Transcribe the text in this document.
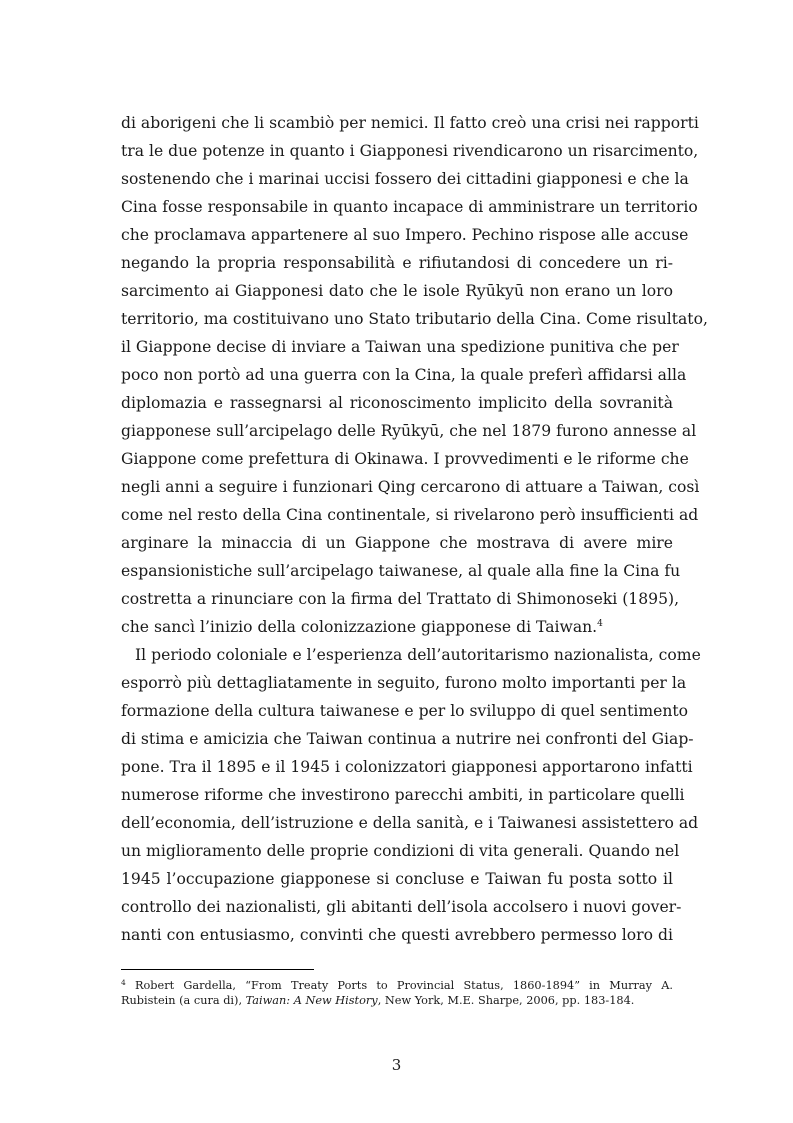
di aborigeni che li scambiò per nemici. Il fatto creò una crisi nei rapporti
tra le due potenze in quanto i Giapponesi rivendicarono un risarcimento,
sostenendo che i marinai uccisi fossero dei cittadini giapponesi e che la
Cina fosse responsabile in quanto incapace di amministrare un territorio
che proclamava appartenere al suo Impero. Pechino rispose alle accuse
negando la propria responsabilità e rifiutandosi di concedere un ri-
sarcimento ai Giapponesi dato che le isole Ryūkyū non erano un loro
territorio, ma costituivano uno Stato tributario della Cina. Come risultato,
il Giappone decise di inviare a Taiwan una spedizione punitiva che per
poco non portò ad una guerra con la Cina, la quale preferì affidarsi alla
diplomazia e rassegnarsi al riconoscimento implicito della sovranità
giapponese sull’arcipelago delle Ryūkyū, che nel 1879 furono annesse al
Giappone come prefettura di Okinawa. I provvedimenti e le riforme che
negli anni a seguire i funzionari Qing cercarono di attuare a Taiwan, così
come nel resto della Cina continentale, si rivelarono però insufficienti ad
arginare la minaccia di un Giappone che mostrava di avere mire
espansionistiche sull’arcipelago taiwanese, al quale alla fine la Cina fu
costretta a rinunciare con la firma del Trattato di Shimonoseki (1895),
che sancì l’inizio della colonizzazione giapponese di Taiwan.$^4$
Il periodo coloniale e l’esperienza dell’autoritarismo nazionalista, come
esporrò più dettagliatamente in seguito, furono molto importanti per la
formazione della cultura taiwanese e per lo sviluppo di quel sentimento
di stima e amicizia che Taiwan continua a nutrire nei confronti del Giap-
pone. Tra il 1895 e il 1945 i colonizzatori giapponesi apportarono infatti
numerose riforme che investirono parecchi ambiti, in particolare quelli
dell’economia, dell’istruzione e della sanità, e i Taiwanesi assistettero ad
un miglioramento delle proprie condizioni di vita generali. Quando nel
1945 l’occupazione giapponese si concluse e Taiwan fu posta sotto il
controllo dei nazionalisti, gli abitanti dell’isola accolsero i nuovi gover-
nanti con entusiasmo, convinti che questi avrebbero permesso loro di
$^4$ Robert Gardella, “From Treaty Ports to Provincial Status, 1860-1894” in Murray A.
Rubistein (a cura di), Taiwan: A New History, New York, M.E. Sharpe, 2006, pp. 183-184.
3
